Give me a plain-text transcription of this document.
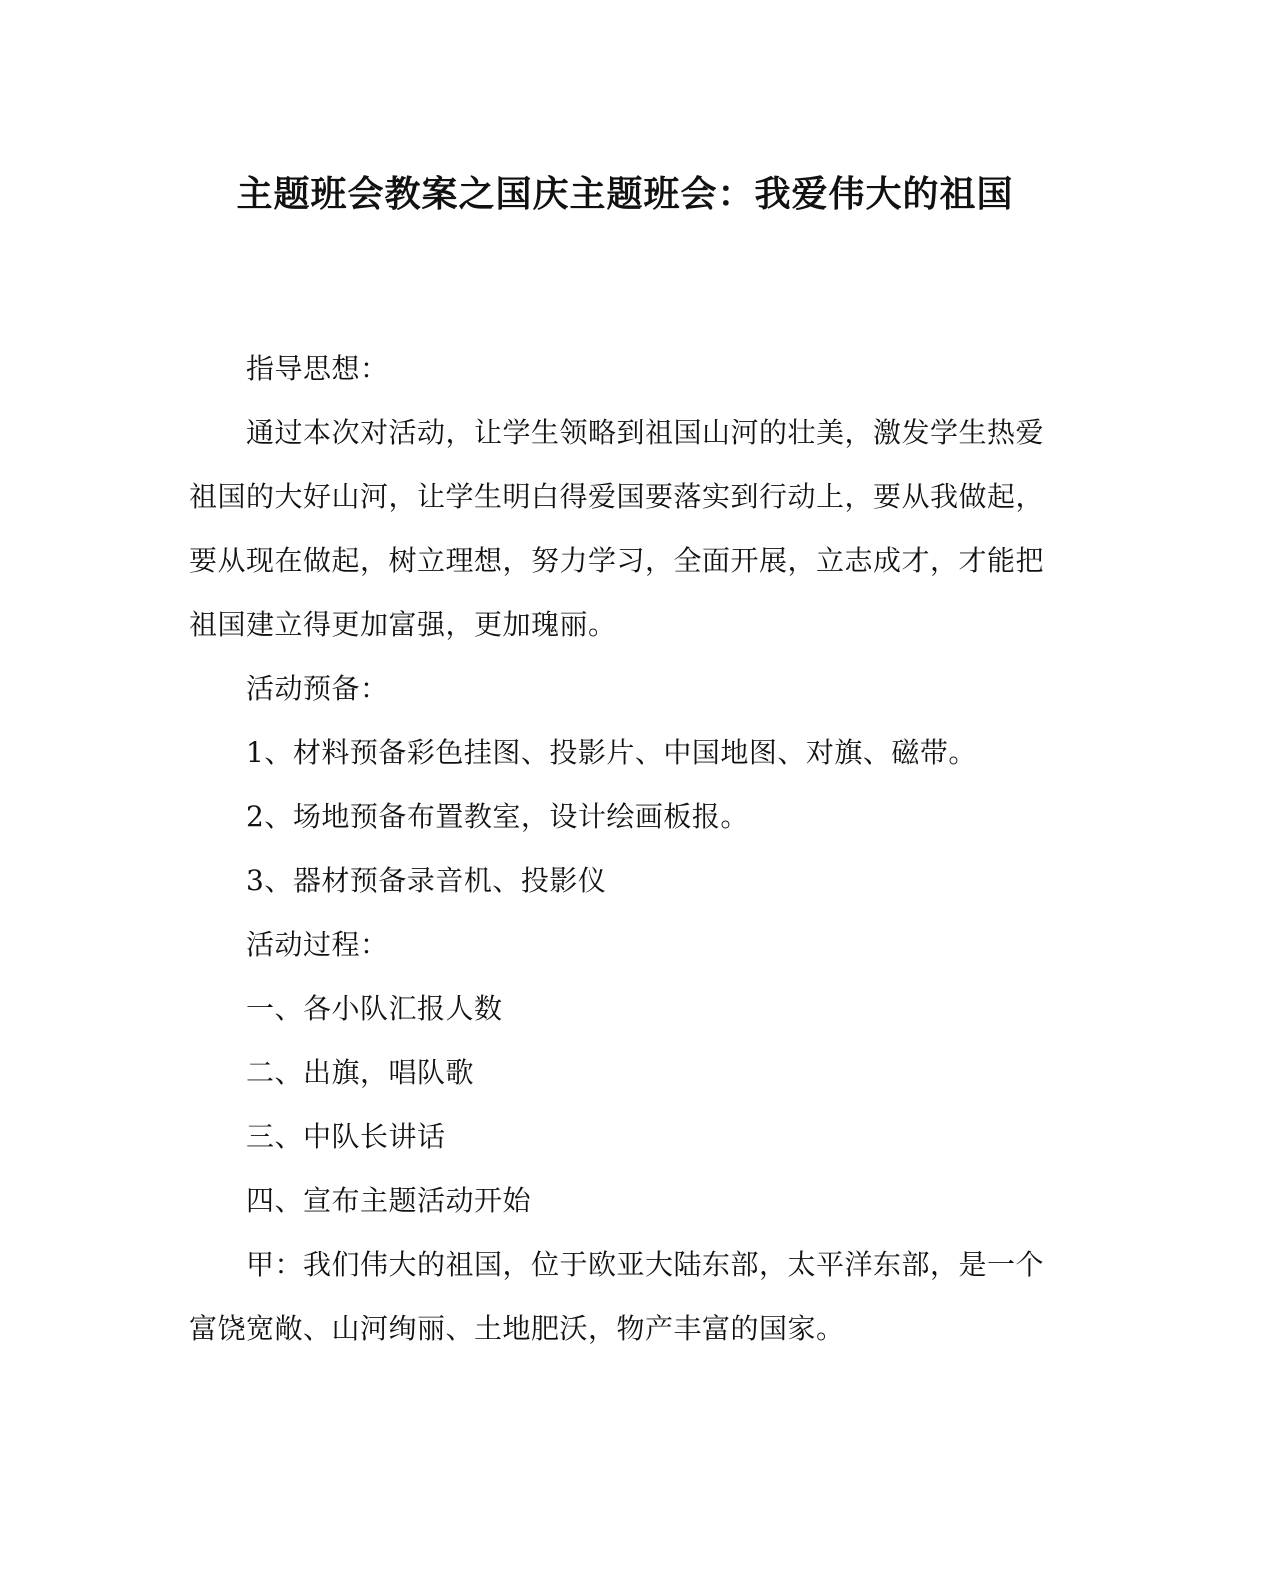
主题班会教案之国庆主题班会：我爱伟大的祖国

指导思想：

通过本次对活动，让学生领略到祖国山河的壮美，激发学生热爱祖国的大好山河，让学生明白得爱国要落实到行动上，要从我做起，要从现在做起，树立理想，努力学习，全面开展，立志成才，才能把祖国建立得更加富强，更加瑰丽。

活动预备：

1、材料预备彩色挂图、投影片、中国地图、对旗、磁带。

2、场地预备布置教室，设计绘画板报。

3、器材预备录音机、投影仪

活动过程：

一、各小队汇报人数

二、出旗，唱队歌

三、中队长讲话

四、宣布主题活动开始

甲：我们伟大的祖国，位于欧亚大陆东部，太平洋东部，是一个富饶宽敞、山河绚丽、土地肥沃，物产丰富的国家。
